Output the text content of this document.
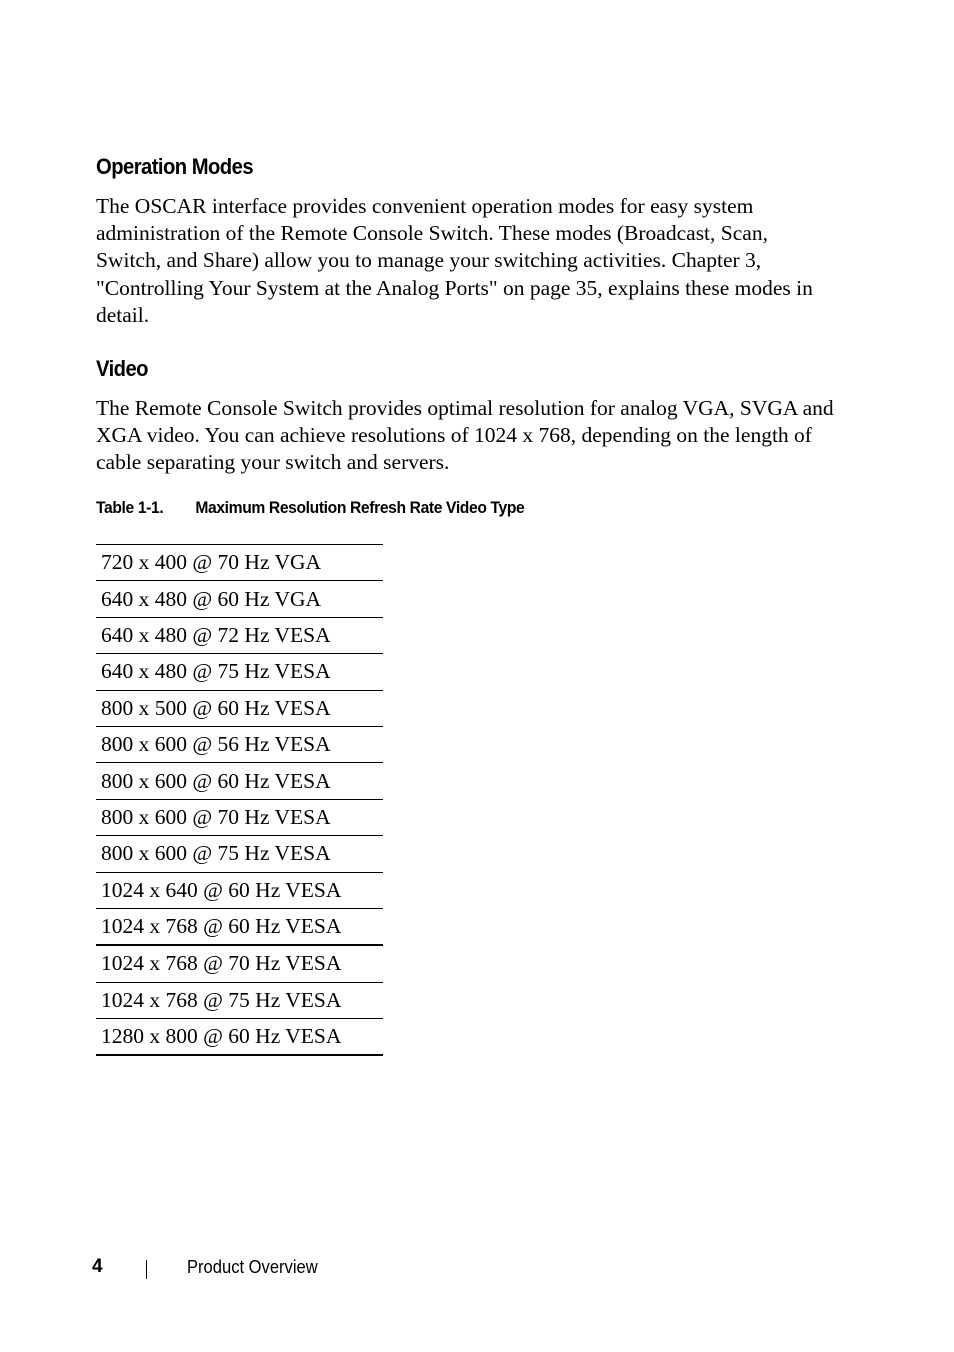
Operation Modes

The OSCAR interface provides convenient operation modes for easy system administration of the Remote Console Switch. These modes (Broadcast, Scan, Switch, and Share) allow you to manage your switching activities. Chapter 3, "Controlling Your System at the Analog Ports" on page 35, explains these modes in detail.

Video

The Remote Console Switch provides optimal resolution for analog VGA, SVGA and XGA video. You can achieve resolutions of 1024 x 768, depending on the length of cable separating your switch and servers.

Table 1-1. Maximum Resolution Refresh Rate Video Type
720 x 400 @ 70 Hz VGA
640 x 480 @ 60 Hz VGA
640 x 480 @ 72 Hz VESA
640 x 480 @ 75 Hz VESA
800 x 500 @ 60 Hz VESA
800 x 600 @ 56 Hz VESA
800 x 600 @ 60 Hz VESA
800 x 600 @ 70 Hz VESA
800 x 600 @ 75 Hz VESA
1024 x 640 @ 60 Hz VESA
1024 x 768 @ 60 Hz VESA
1024 x 768 @ 70 Hz VESA
1024 x 768 @ 75 Hz VESA
1280 x 800 @ 60 Hz VESA
4	Product Overview
